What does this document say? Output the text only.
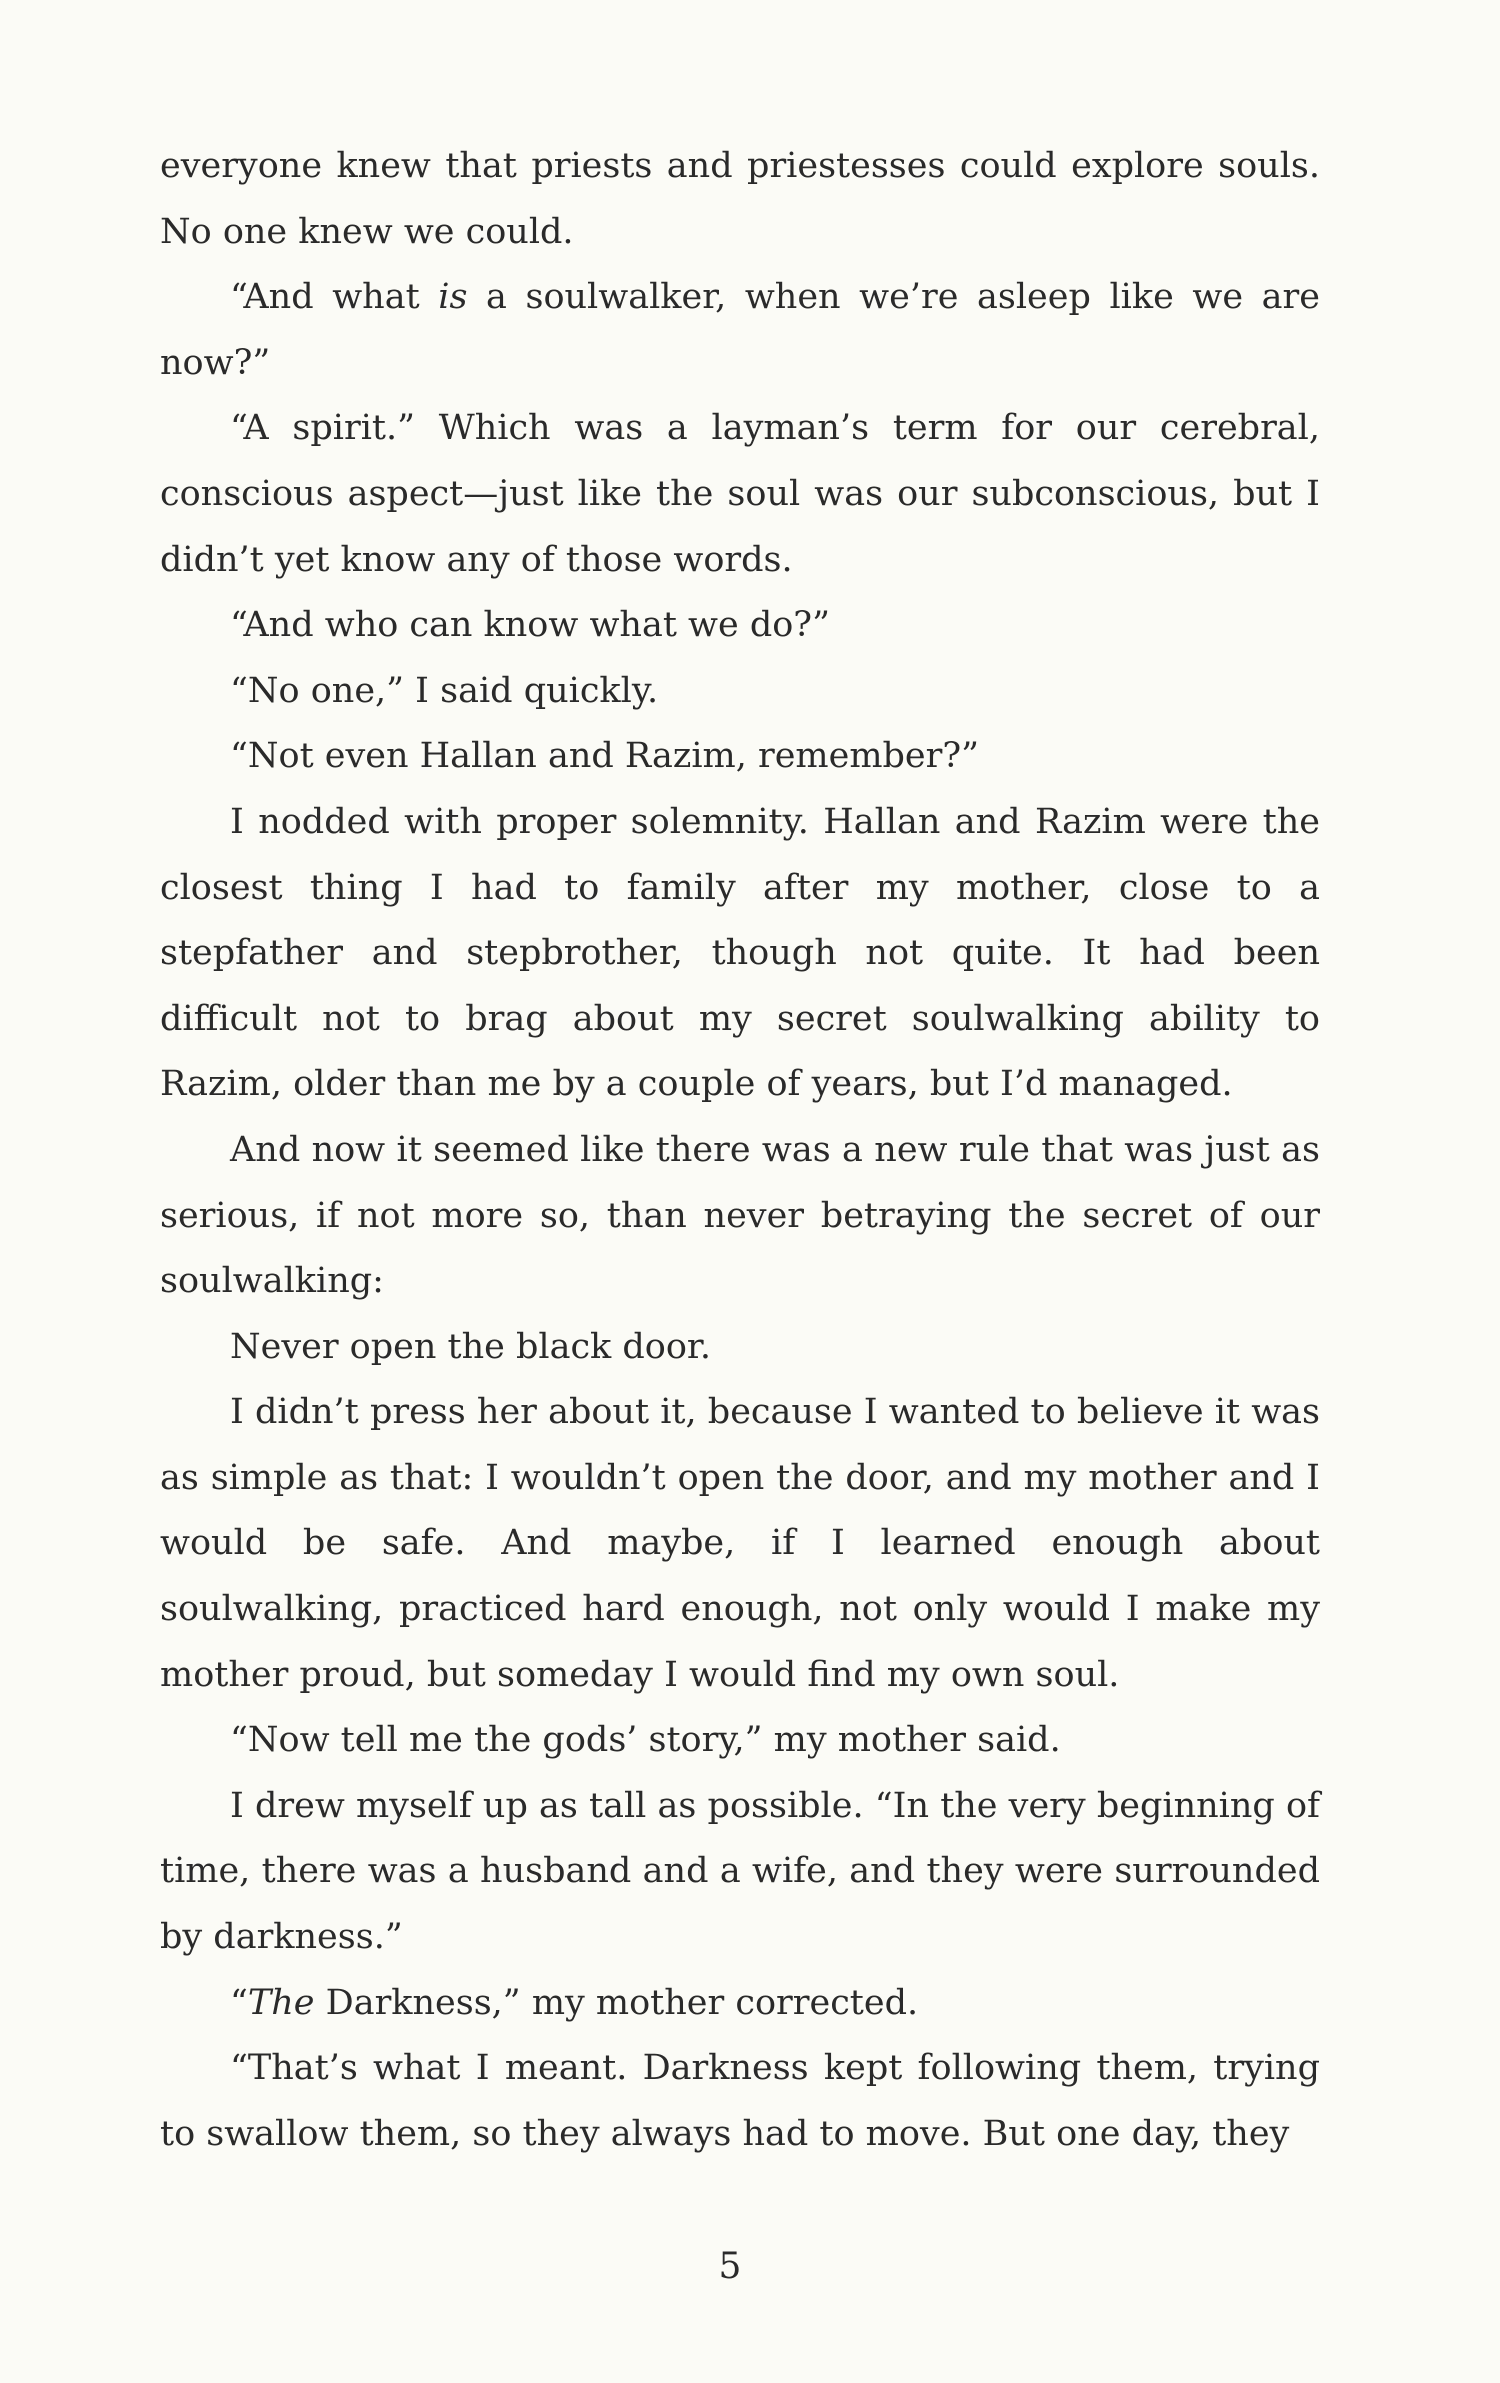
everyone knew that priests and priestesses could explore souls. No one knew we could.

“And what is a soulwalker, when we’re asleep like we are now?”

“A spirit.” Which was a layman’s term for our cerebral, conscious aspect—just like the soul was our subconscious, but I didn’t yet know any of those words.

“And who can know what we do?”

“No one,” I said quickly.

“Not even Hallan and Razim, remember?”

I nodded with proper solemnity. Hallan and Razim were the closest thing I had to family after my mother, close to a stepfather and stepbrother, though not quite. It had been difficult not to brag about my secret soulwalking ability to Razim, older than me by a couple of years, but I’d managed.

And now it seemed like there was a new rule that was just as serious, if not more so, than never betraying the secret of our soulwalking:

Never open the black door.

I didn’t press her about it, because I wanted to believe it was as simple as that: I wouldn’t open the door, and my mother and I would be safe. And maybe, if I learned enough about soulwalking, practiced hard enough, not only would I make my mother proud, but someday I would find my own soul.

“Now tell me the gods’ story,” my mother said.

I drew myself up as tall as possible. “In the very beginning of time, there was a husband and a wife, and they were surrounded by darkness.”

“The Darkness,” my mother corrected.

“That’s what I meant. Darkness kept following them, trying to swallow them, so they always had to move. But one day, they

5
